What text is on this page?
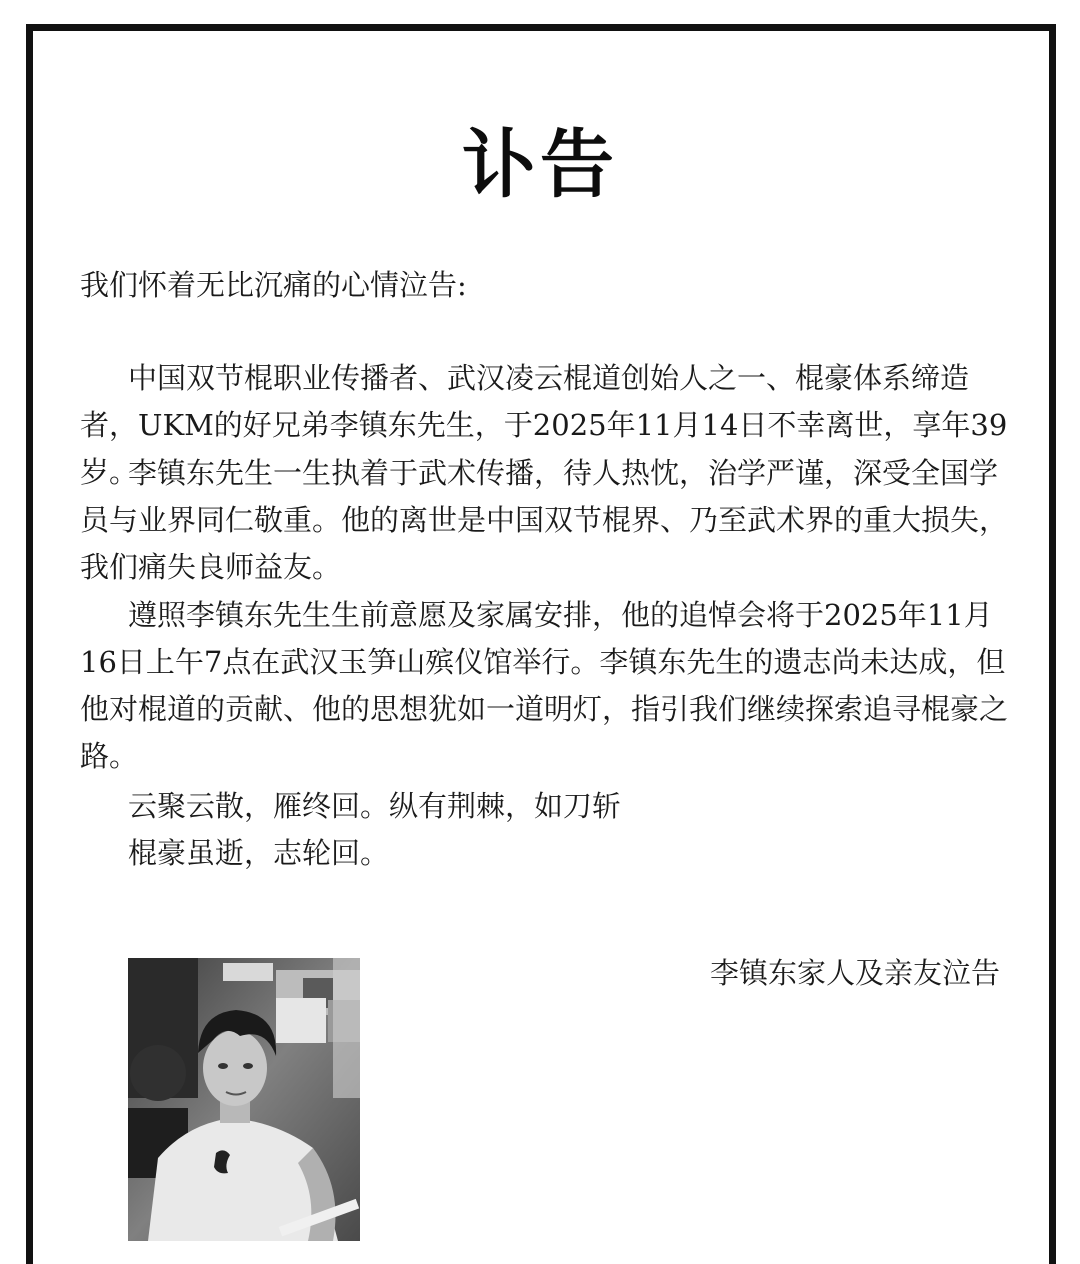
讣告

我们怀着无比沉痛的心情泣告:

中国双节棍职业传播者、武汉凌云棍道创始人之一、棍豪体系缔造者，UKM的好兄弟李镇东先生，于2025年11月14日不幸离世，享年39岁。

李镇东先生一生执着于武术传播，待人热忱，治学严谨，深受全国学员与业界同仁敬重。他的离世是中国双节棍界、乃至武术界的重大损失，我们痛失良师益友。

遵照李镇东先生生前意愿及家属安排，他的追悼会将于2025年11月16日上午7点在武汉玉笋山殡仪馆举行。李镇东先生的遗志尚未达成，但他对棍道的贡献、他的思想犹如一道明灯，指引我们继续探索追寻棍豪之路。

云聚云散，雁终回。纵有荆棘，如刀斩

棍豪虽逝，志轮回。

李镇东家人及亲友泣告
